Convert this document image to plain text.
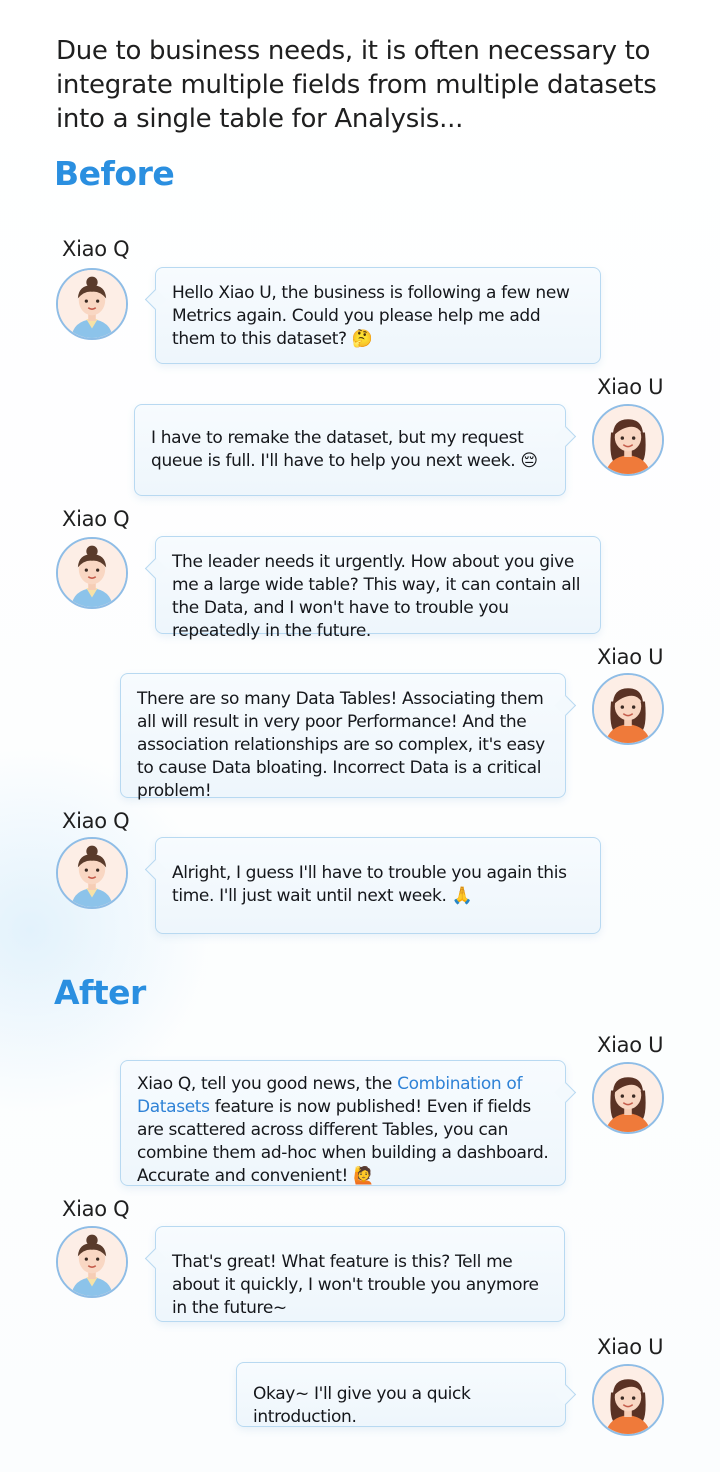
Due to business needs, it is often necessary to integrate multiple fields from multiple datasets into a single table for Analysis...
Before
Xiao Q
Hello Xiao U, the business is following a few new Metrics again. Could you please help me add them to this dataset? 🤔
Xiao U
I have to remake the dataset, but my request queue is full. I'll have to help you next week. 😔
Xiao Q
The leader needs it urgently. How about you give me a large wide table? This way, it can contain all the Data, and I won't have to trouble you repeatedly in the future.
Xiao U
There are so many Data Tables! Associating them all will result in very poor Performance! And the association relationships are so complex, it's easy to cause Data bloating. Incorrect Data is a critical problem!
Xiao Q
Alright, I guess I'll have to trouble you again this time. I'll just wait until next week. 🙏
After
Xiao U
Xiao Q, tell you good news, the Combination of Datasets feature is now published! Even if fields are scattered across different Tables, you can combine them ad-hoc when building a dashboard. Accurate and convenient! 🙋
Xiao Q
That's great! What feature is this? Tell me about it quickly, I won't trouble you anymore in the future~
Xiao U
Okay~ I'll give you a quick introduction.
